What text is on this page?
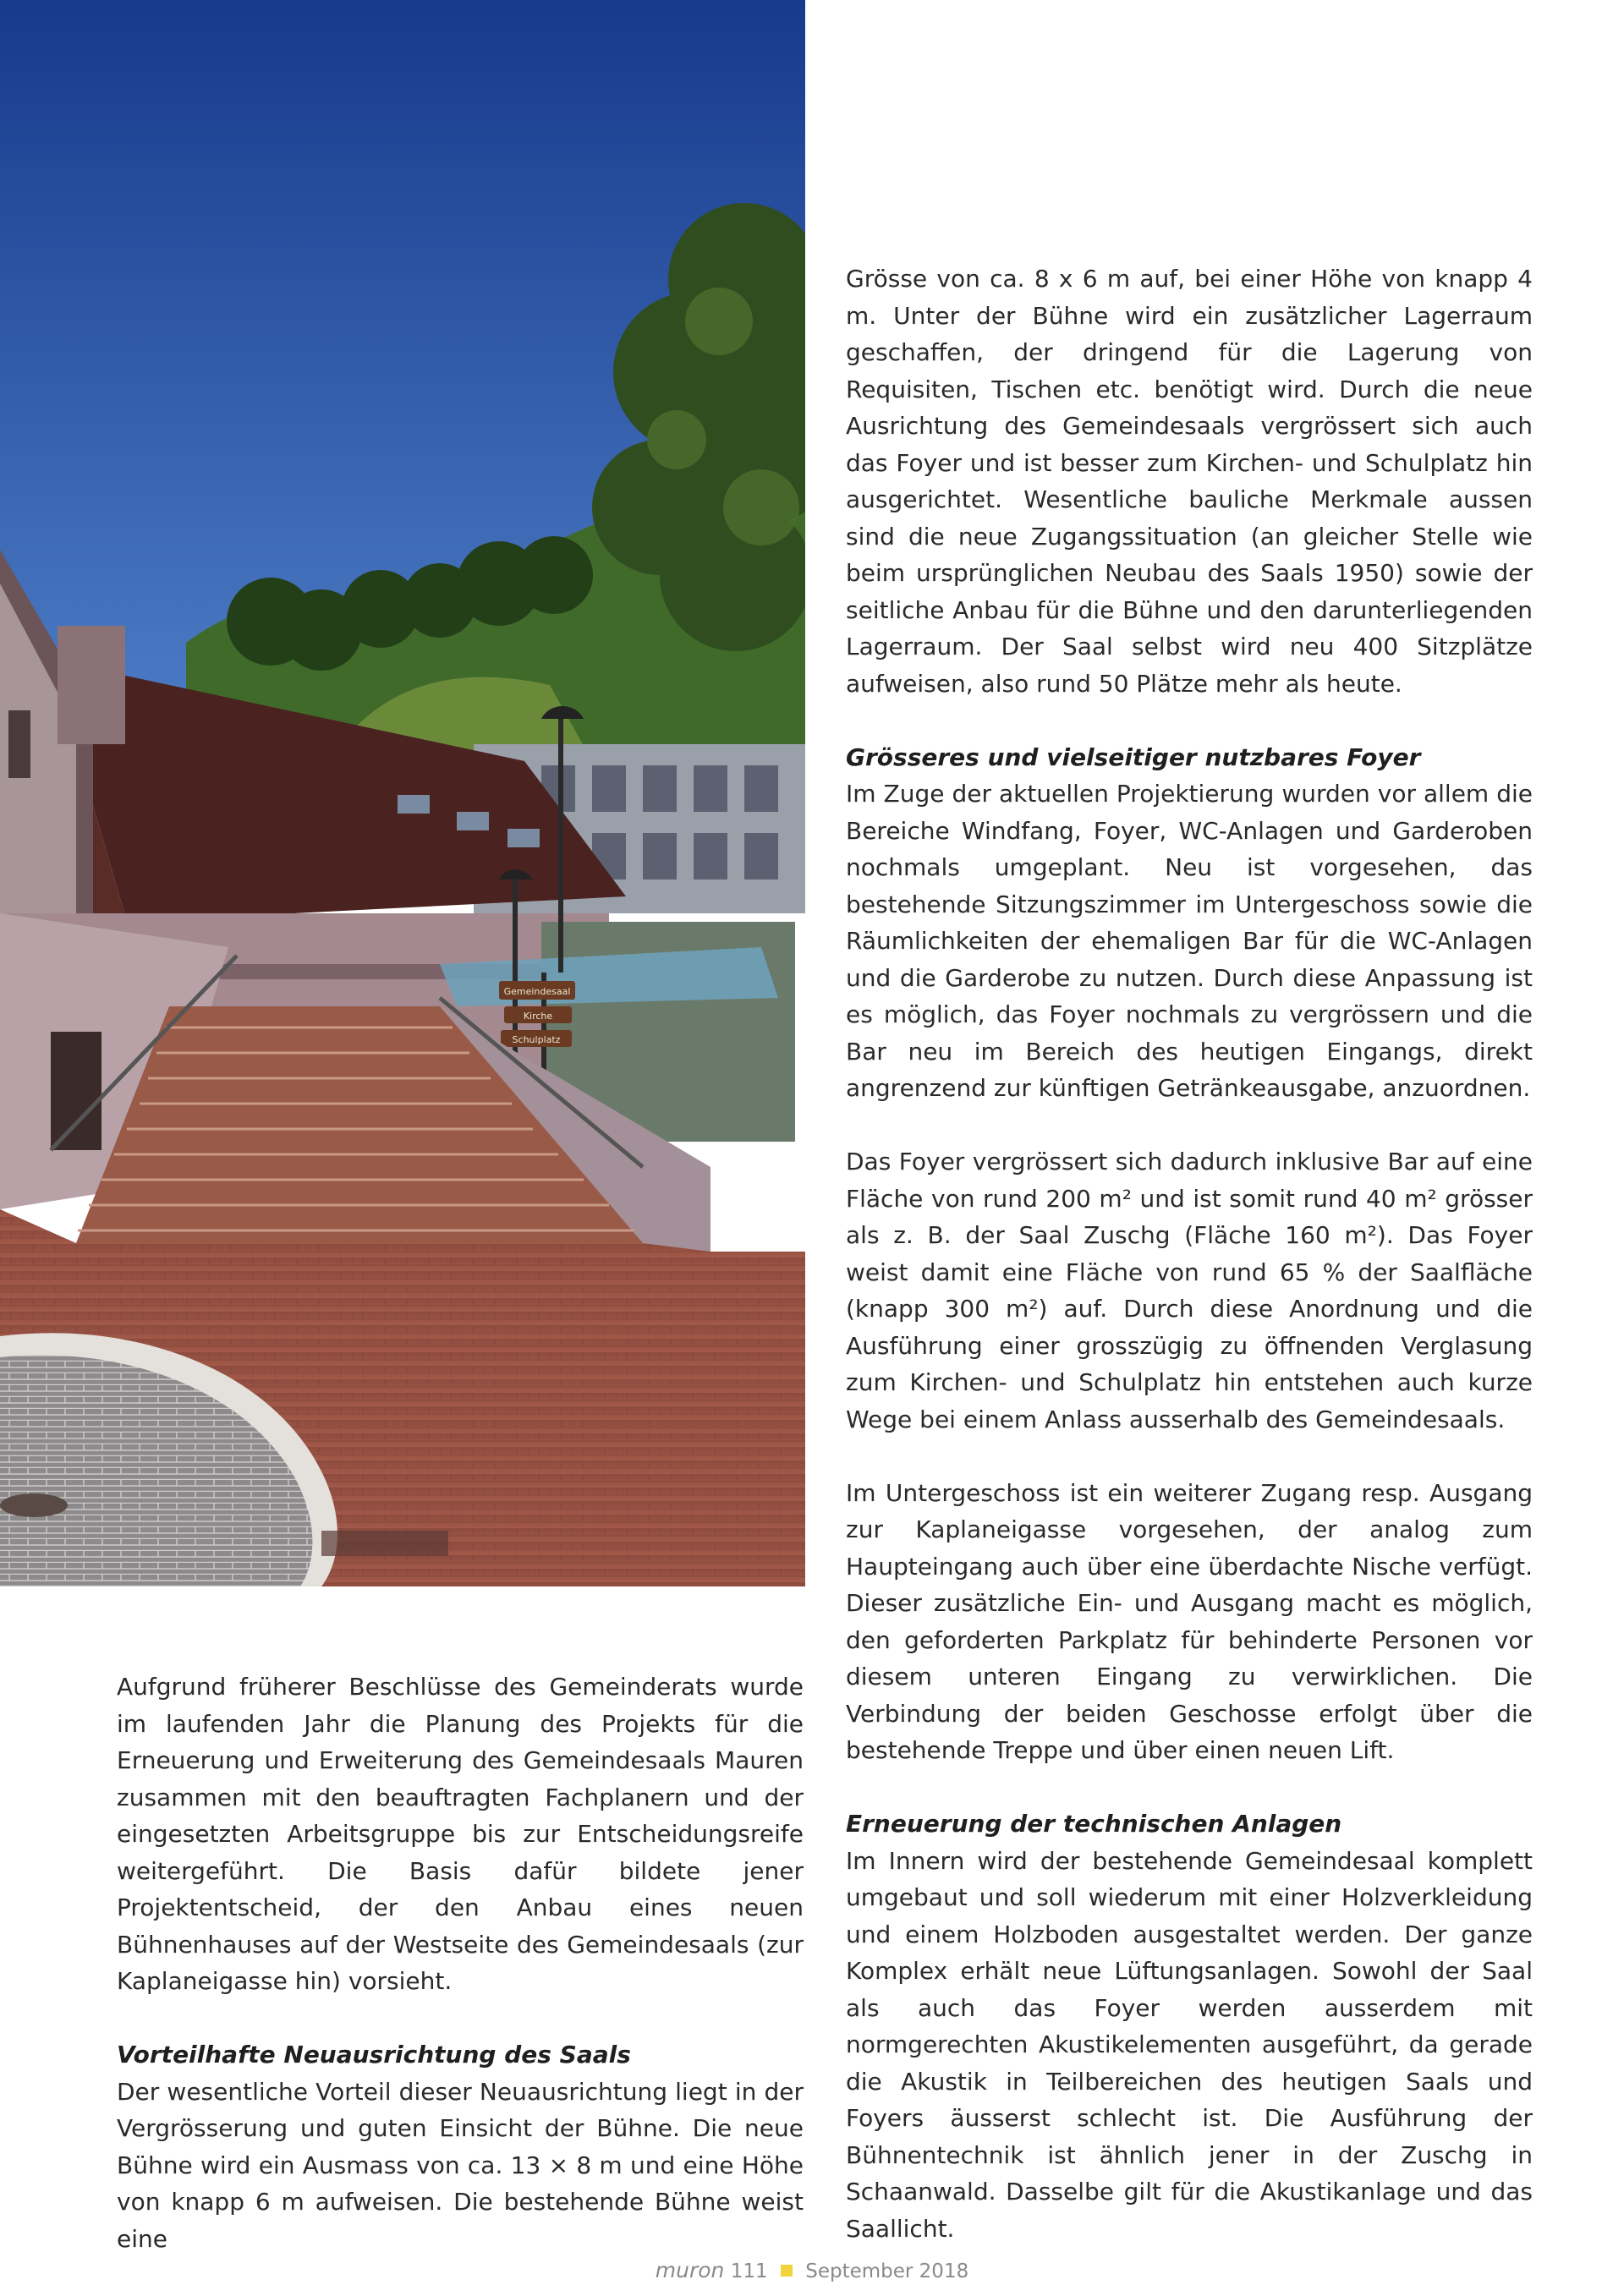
Gemeindesaal
Kirche
Schulplatz

Grösse von ca. 8 x 6 m auf, bei einer Höhe von knapp 4 m. Unter der Bühne wird ein zusätzlicher Lagerraum geschaffen, der dringend für die Lagerung von Requisiten, Tischen etc. benötigt wird. Durch die neue Ausrichtung des Gemeindesaals vergrössert sich auch das Foyer und ist besser zum Kirchen- und Schulplatz hin ausgerichtet. Wesentliche bauliche Merkmale aussen sind die neue Zugangssituation (an gleicher Stelle wie beim ursprünglichen Neubau des Saals 1950) sowie der seitliche Anbau für die Bühne und den darunterliegenden Lagerraum. Der Saal selbst wird neu 400 Sitzplätze aufweisen, also rund 50 Plätze mehr als heute.

Grösseres und vielseitiger nutzbares Foyer

Im Zuge der aktuellen Projektierung wurden vor allem die Bereiche Windfang, Foyer, WC-Anlagen und Garderoben nochmals umgeplant. Neu ist vorgesehen, das bestehende Sitzungszimmer im Untergeschoss sowie die Räumlichkeiten der ehemaligen Bar für die WC-Anlagen und die Garderobe zu nutzen. Durch diese Anpassung ist es möglich, das Foyer nochmals zu vergrössern und die Bar neu im Bereich des heutigen Eingangs, direkt angrenzend zur künftigen Getränkeausgabe, anzuordnen.

Das Foyer vergrössert sich dadurch inklusive Bar auf eine Fläche von rund 200 m² und ist somit rund 40 m² grösser als z. B. der Saal Zuschg (Fläche 160 m²). Das Foyer weist damit eine Fläche von rund 65 % der Saalfläche (knapp 300 m²) auf. Durch diese Anordnung und die Ausführung einer grosszügig zu öffnenden Verglasung zum Kirchen- und Schulplatz hin entstehen auch kurze Wege bei einem Anlass ausserhalb des Gemeindesaals.

Im Untergeschoss ist ein weiterer Zugang resp. Ausgang zur Kaplaneigasse vorgesehen, der analog zum Haupteingang auch über eine überdachte Nische verfügt. Dieser zusätzliche Ein- und Ausgang macht es möglich, den geforderten Parkplatz für behinderte Personen vor diesem unteren Eingang zu verwirklichen. Die Verbindung der beiden Geschosse erfolgt über die bestehende Treppe und über einen neuen Lift.

Erneuerung der technischen Anlagen

Im Innern wird der bestehende Gemeindesaal komplett umgebaut und soll wiederum mit einer Holzverkleidung und einem Holzboden ausgestaltet werden. Der ganze Komplex erhält neue Lüftungsanlagen. Sowohl der Saal als auch das Foyer werden ausserdem mit normgerechten Akustikelementen ausgeführt, da gerade die Akustik in Teilbereichen des heutigen Saals und Foyers äusserst schlecht ist. Die Ausführung der Bühnentechnik ist ähnlich jener in der Zuschg in Schaanwald. Dasselbe gilt für die Akustikanlage und das Saallicht.

Aufgrund früherer Beschlüsse des Gemeinderats wurde im laufenden Jahr die Planung des Projekts für die Erneuerung und Erweiterung des Gemeindesaals Mauren zusammen mit den beauftragten Fachplanern und der eingesetzten Arbeitsgruppe bis zur Entscheidungsreife weitergeführt. Die Basis dafür bildete jener Projektentscheid, der den Anbau eines neuen Bühnenhauses auf der Westseite des Gemeindesaals (zur Kaplaneigasse hin) vorsieht.

Vorteilhafte Neuausrichtung des Saals

Der wesentliche Vorteil dieser Neuausrichtung liegt in der Vergrösserung und guten Einsicht der Bühne. Die neue Bühne wird ein Ausmass von ca. 13 × 8 m und eine Höhe von knapp 6 m aufweisen. Die bestehende Bühne weist eine

muron 111 September 2018
